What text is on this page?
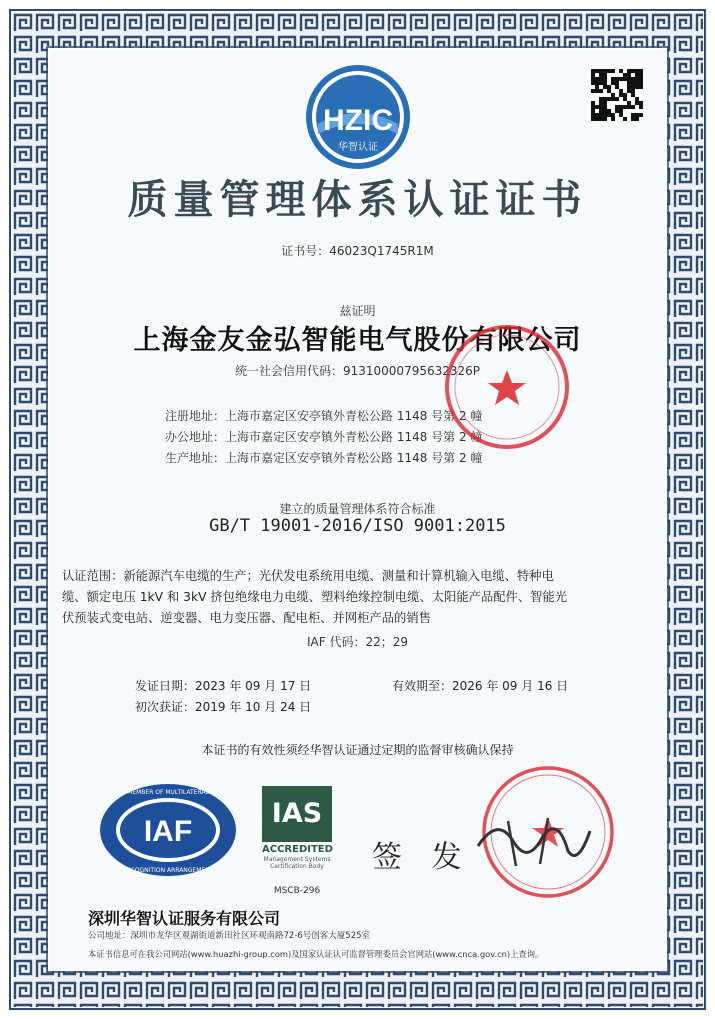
HZIC
华智认证
质量管理体系认证证书
证书号：46023Q1745R1M
兹证明
上海金友金弘智能电气股份有限公司
统一社会信用代码：91310000795632326P
注册地址：上海市嘉定区安亭镇外青松公路 1148 号第 2 幢
办公地址：上海市嘉定区安亭镇外青松公路 1148 号第 2 幢
生产地址：上海市嘉定区安亭镇外青松公路 1148 号第 2 幢
建立的质量管理体系符合标准
GB/T 19001-2016/ISO 9001:2015
认证范围：新能源汽车电缆的生产；光伏发电系统用电缆、测量和计算机输入电缆、特种电
缆、额定电压 1kV 和 3kV 挤包绝缘电力电缆、塑料绝缘控制电缆、太阳能产品配件、智能光
伏预装式变电站、逆变器、电力变压器、配电柜、并网柜产品的销售
IAF 代码：22；29
发证日期：2023 年 09 月 17 日	有效期至：2026 年 09 月 16 日
初次获证：2019 年 10 月 24 日
本证书的有效性须经华智认证通过定期的监督审核确认保持
IAF
MEMBER OF MULTILATERAL
RECOGNITION ARRANGEMENT
IAS
ACCREDITED
Management Systems
Certification Body
MSCB-296
签 发
深圳华智认证服务有限公司
公司地址：深圳市龙华区观湖街道新田社区环观南路72-6号创客大厦525室
本证书信息可在我公司网站(www.huazhi-group.com)及国家认证认可监督管理委员会官网站(www.cnca.gov.cn)上查询。
